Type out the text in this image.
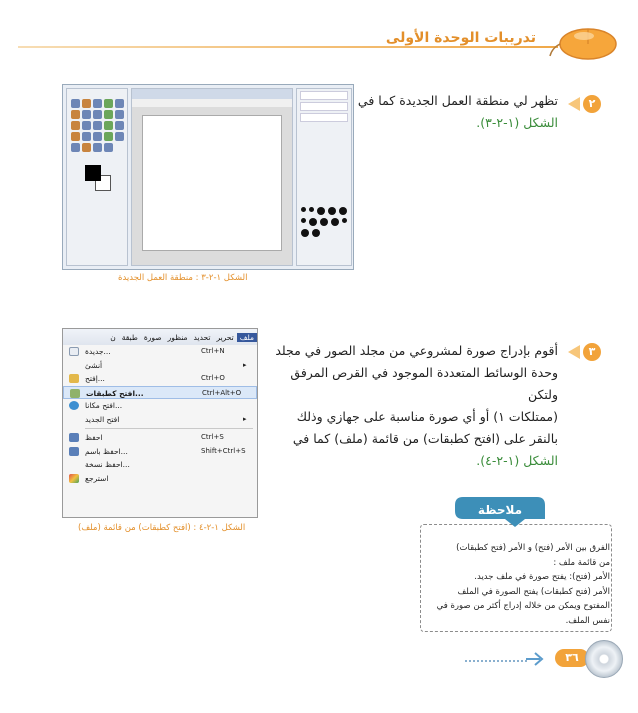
تدريبات الوحدة الأولى
٢
تظهر لي منطقة العمل الجديدة كما في
الشكل (١-٢-٣).
الشكل ١-٢-٣ : منطقة العمل الجديدة
٣
أقوم بإدراج صورة لمشروعي من مجلد الصور في مجلد
وحدة الوسائط المتعددة الموجود في القرص المرفق ولتكن
(ممتلكات ١) أو أي صورة مناسبة على جهازي وذلك
بالنقر على (افتح كطبقات) من قائمة (ملف) كما في
الشكل (١-٢-٤).
ملف
تحرير
تحديد
منظور
صورة
طبقة
ن
جديدة...	Ctrl+N
أنشئ	▸
إفتح...	Ctrl+O
افتح كطبقات...	Ctrl+Alt+O
افتح مكانا...
افتح الجديد	▸
احفظ	Ctrl+S
احفظ باسم...	Shift+Ctrl+S
احفظ نسخة...
استرجع
الشكل ١-٢-٤ : (افتح كطبقات) من قائمة (ملف)
ملاحظة
الفرق بين الأمر (فتح) و الأمر (فتح كطبقات)
من قائمة ملف :
الأمر (فتح): يفتح صورة في ملف جديد.
الأمر (فتح كطبقات) يفتح الصورة في الملف
المفتوح ويمكن من خلاله إدراج أكثر من صورة في
نفس الملف.
٣٦
